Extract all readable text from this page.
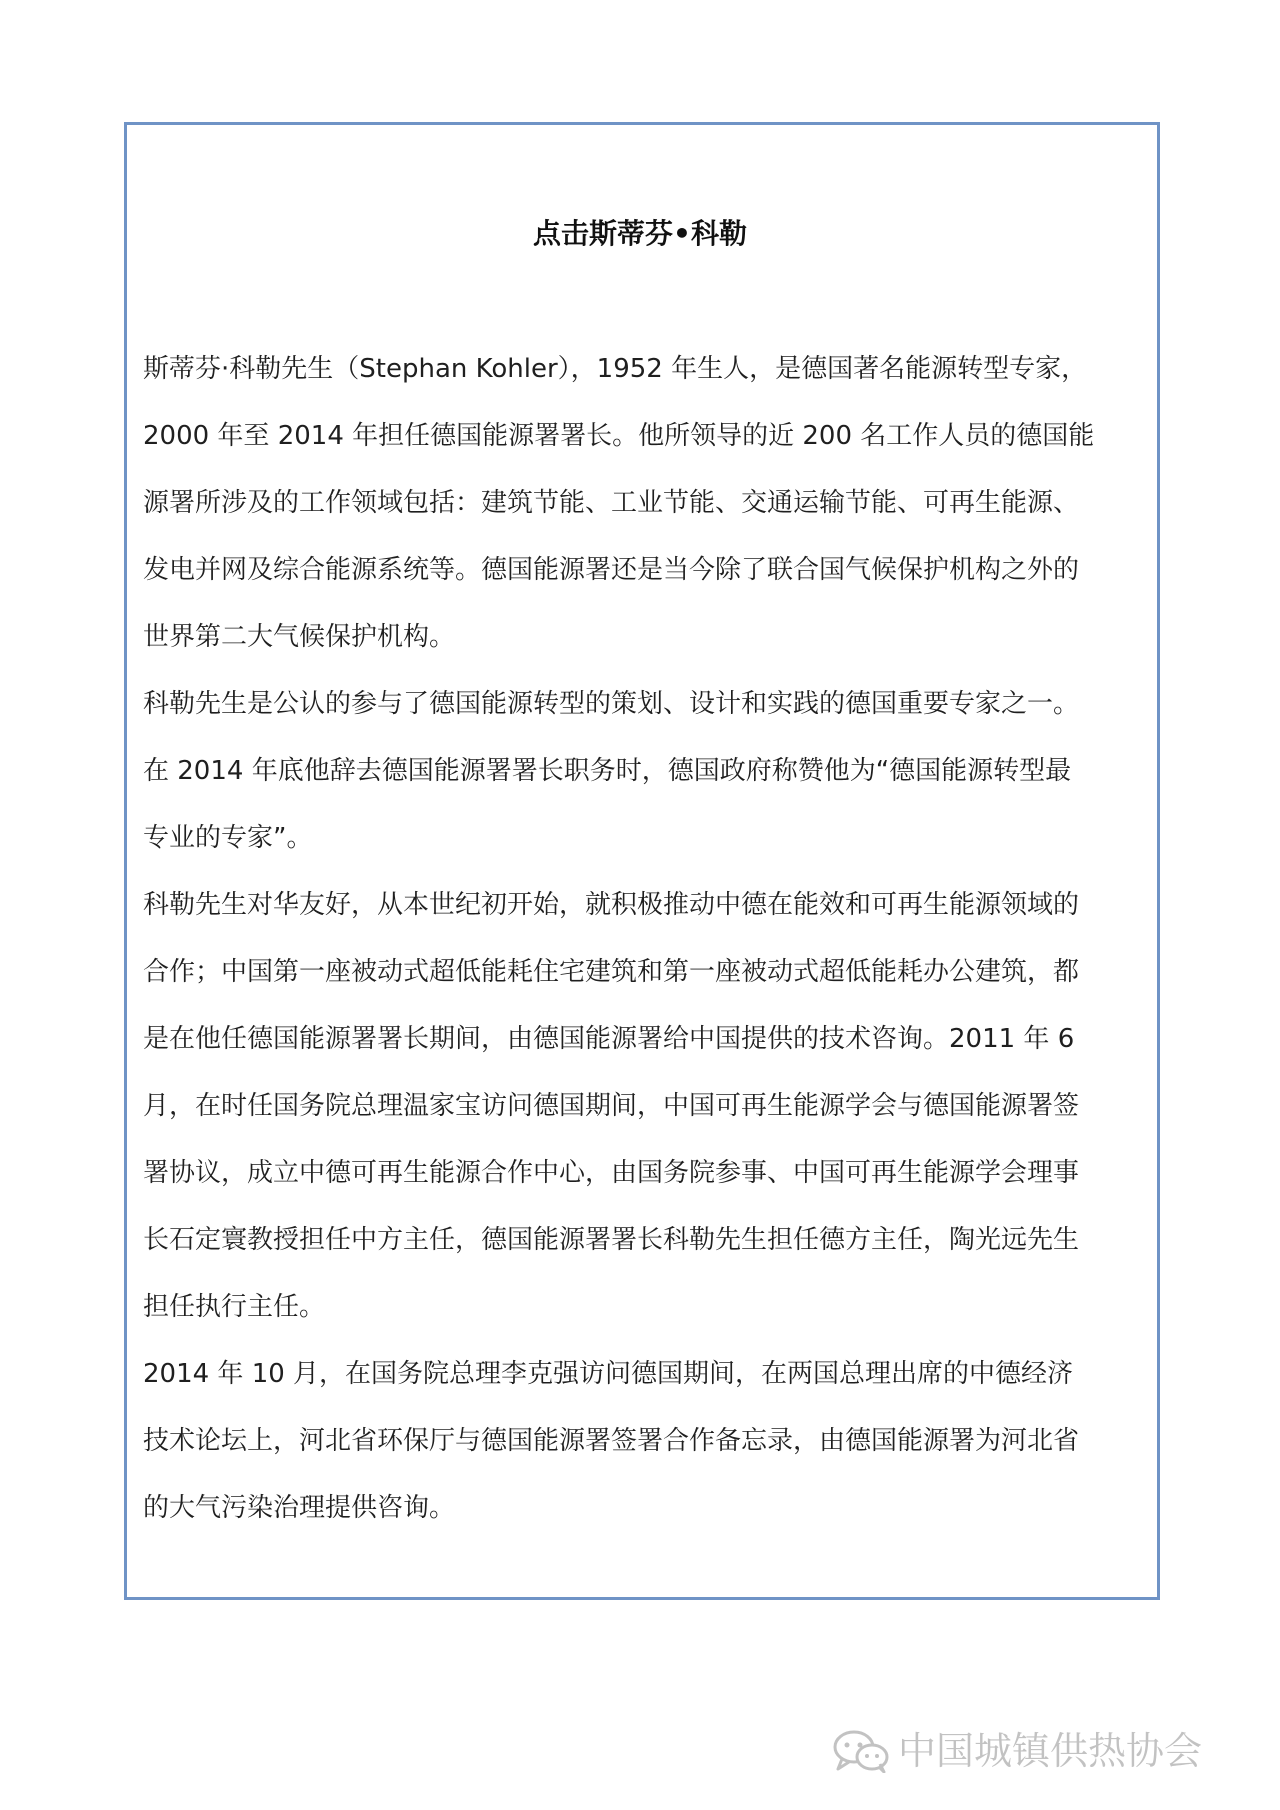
点击斯蒂芬•科勒
斯蒂芬·科勒先生（Stephan Kohler），1952 年生人，是德国著名能源转型专家，
2000 年至 2014 年担任德国能源署署长。他所领导的近 200 名工作人员的德国能
源署所涉及的工作领域包括：建筑节能、工业节能、交通运输节能、可再生能源、
发电并网及综合能源系统等。德国能源署还是当今除了联合国气候保护机构之外的
世界第二大气候保护机构。
科勒先生是公认的参与了德国能源转型的策划、设计和实践的德国重要专家之一。
在 2014 年底他辞去德国能源署署长职务时，德国政府称赞他为“德国能源转型最
专业的专家”。
科勒先生对华友好，从本世纪初开始，就积极推动中德在能效和可再生能源领域的
合作；中国第一座被动式超低能耗住宅建筑和第一座被动式超低能耗办公建筑，都
是在他任德国能源署署长期间，由德国能源署给中国提供的技术咨询。2011 年 6
月，在时任国务院总理温家宝访问德国期间，中国可再生能源学会与德国能源署签
署协议，成立中德可再生能源合作中心，由国务院参事、中国可再生能源学会理事
长石定寰教授担任中方主任，德国能源署署长科勒先生担任德方主任，陶光远先生
担任执行主任。
2014 年 10 月，在国务院总理李克强访问德国期间，在两国总理出席的中德经济
技术论坛上，河北省环保厅与德国能源署签署合作备忘录，由德国能源署为河北省
的大气污染治理提供咨询。
中国城镇供热协会
